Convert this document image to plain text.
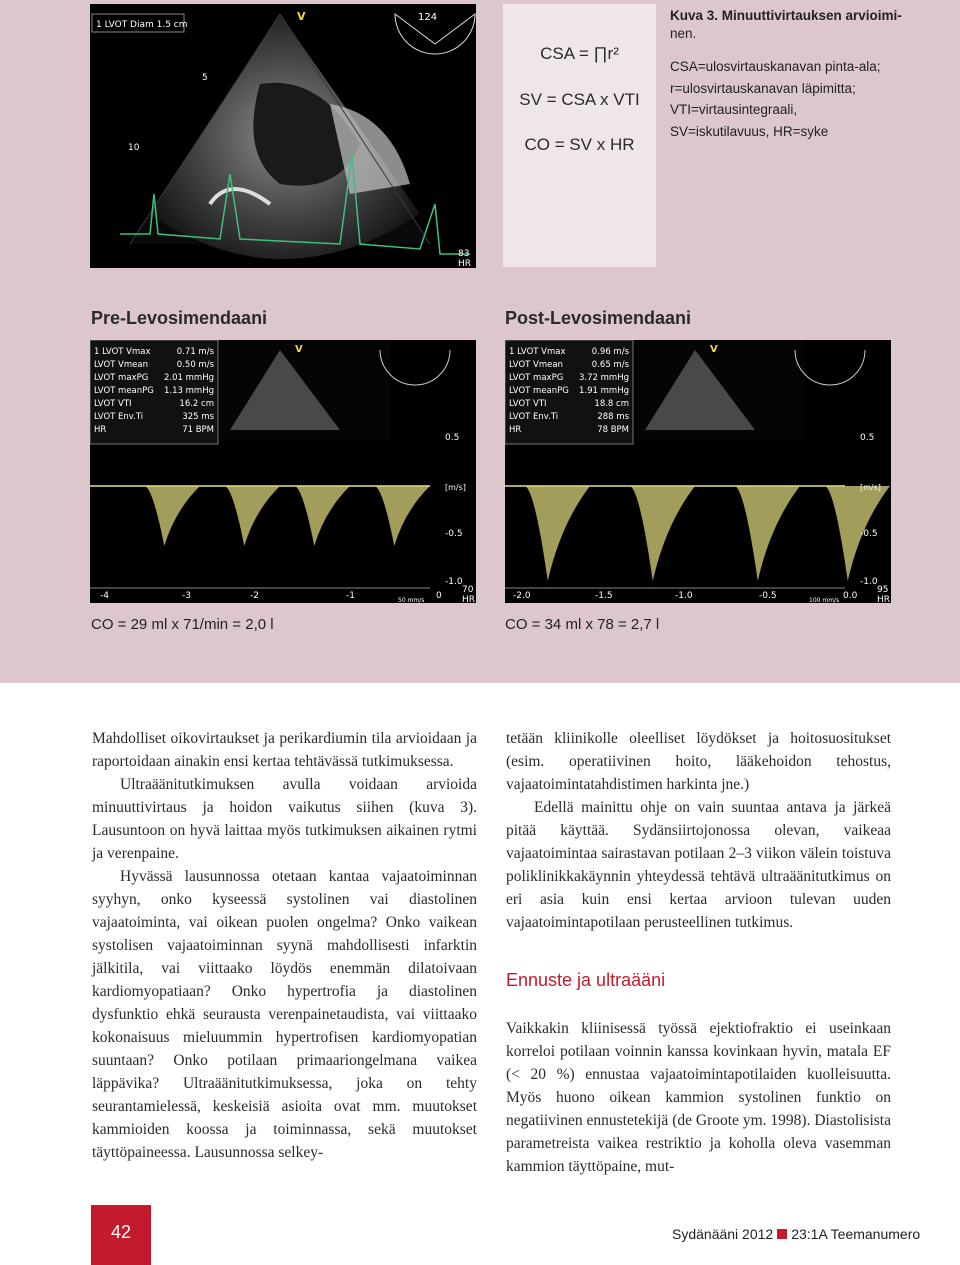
1 LVOT Diam 1.5 cm
124
V
5
10
83
HR
CSA = ∏r²
SV = CSA x VTI
CO = SV x HR
Kuva 3. Minuuttivirtauksen arvioimi-
nen.
CSA=ulosvirtauskanavan pinta-ala; r=ulosvirtauskanavan läpimitta; VTI=virtausintegraali, SV=iskutilavuus, HR=syke
Pre-Levosimendaani	Post-Levosimendaani
1 LVOT Vmax	0.71 m/s
LVOT Vmean	0.50 m/s
LVOT maxPG 2.01 mmHg
LVOT meanPG 1.13 mmHg
LVOT VTI	16.2 cm
LVOT Env.Ti	325 ms
HR	71 BPM
V
0.5
[m/s]
-0.5
-1.0
-4	-3	-2	-1	0
50 mm/s
70
HR
1 LVOT Vmax	0.96 m/s
LVOT Vmean	0.65 m/s
LVOT maxPG 3.72 mmHg
LVOT meanPG 1.91 mmHg
LVOT VTI	18.8 cm
LVOT Env.Ti	288 ms
HR	78 BPM
V
0.5
[m/s]
-0.5
-1.0
-2.0	-1.5	-1.0	-0.5	0.0
100 mm/s
95
HR
CO = 29 ml x 71/min = 2,0 l	CO = 34 ml x 78 = 2,7 l

Mahdolliset oikovirtaukset ja perikardiumin tila arvioidaan ja raportoidaan ainakin ensi kertaa tehtävässä tutkimuksessa.

Ultraäänitutkimuksen avulla voidaan arvioida minuuttivirtaus ja hoidon vaikutus siihen (kuva 3). Lausuntoon on hyvä laittaa myös tutkimuksen aikainen rytmi ja verenpaine.

Hyvässä lausunnossa otetaan kantaa vajaatoiminnan syyhyn, onko kyseessä systolinen vai diastolinen vajaatoiminta, vai oikean puolen ongelma? Onko vaikean systolisen vajaatoiminnan syynä mahdollisesti infarktin jälkitila, vai viittaako löydös enemmän dilatoivaan kardiomyopatiaan? Onko hypertrofia ja diastolinen dysfunktio ehkä seurausta verenpainetaudista, vai viittaako kokonaisuus mieluummin hypertrofisen kardiomyopatian suuntaan? Onko potilaan primaariongelmana vaikea läppävika? Ultraäänitutkimuksessa, joka on tehty seurantamielessä, keskeisiä asioita ovat mm. muutokset kammioiden koossa ja toiminnassa, sekä muutokset täyttöpaineessa. Lausunnossa selkey-

tetään kliinikolle oleelliset löydökset ja hoitosuositukset (esim. operatiivinen hoito, lääkehoidon tehostus, vajaatoimintatahdistimen harkinta jne.)

Edellä mainittu ohje on vain suuntaa antava ja järkeä pitää käyttää. Sydänsiirtojonossa olevan, vaikeaa vajaatoimintaa sairastavan potilaan 2–3 viikon välein toistuva poliklinikkakäynnin yhteydessä tehtävä ultraäänitutkimus on eri asia kuin ensi kertaa arvioon tulevan uuden vajaatoimintapotilaan perusteellinen tutkimus.

Ennuste ja ultraääni

Vaikkakin kliinisessä työssä ejektiofraktio ei useinkaan korreloi potilaan voinnin kanssa kovinkaan hyvin, matala EF (< 20 %) ennustaa vajaatoimintapotilaiden kuolleisuutta. Myös huono oikean kammion systolinen funktio on negatiivinen ennustetekijä (de Groote ym. 1998). Diastolisista parametreista vaikea restriktio ja koholla oleva vasemman kammion täyttöpaine, mut-

42	Sydänääni 2012 23:1A Teemanumero
